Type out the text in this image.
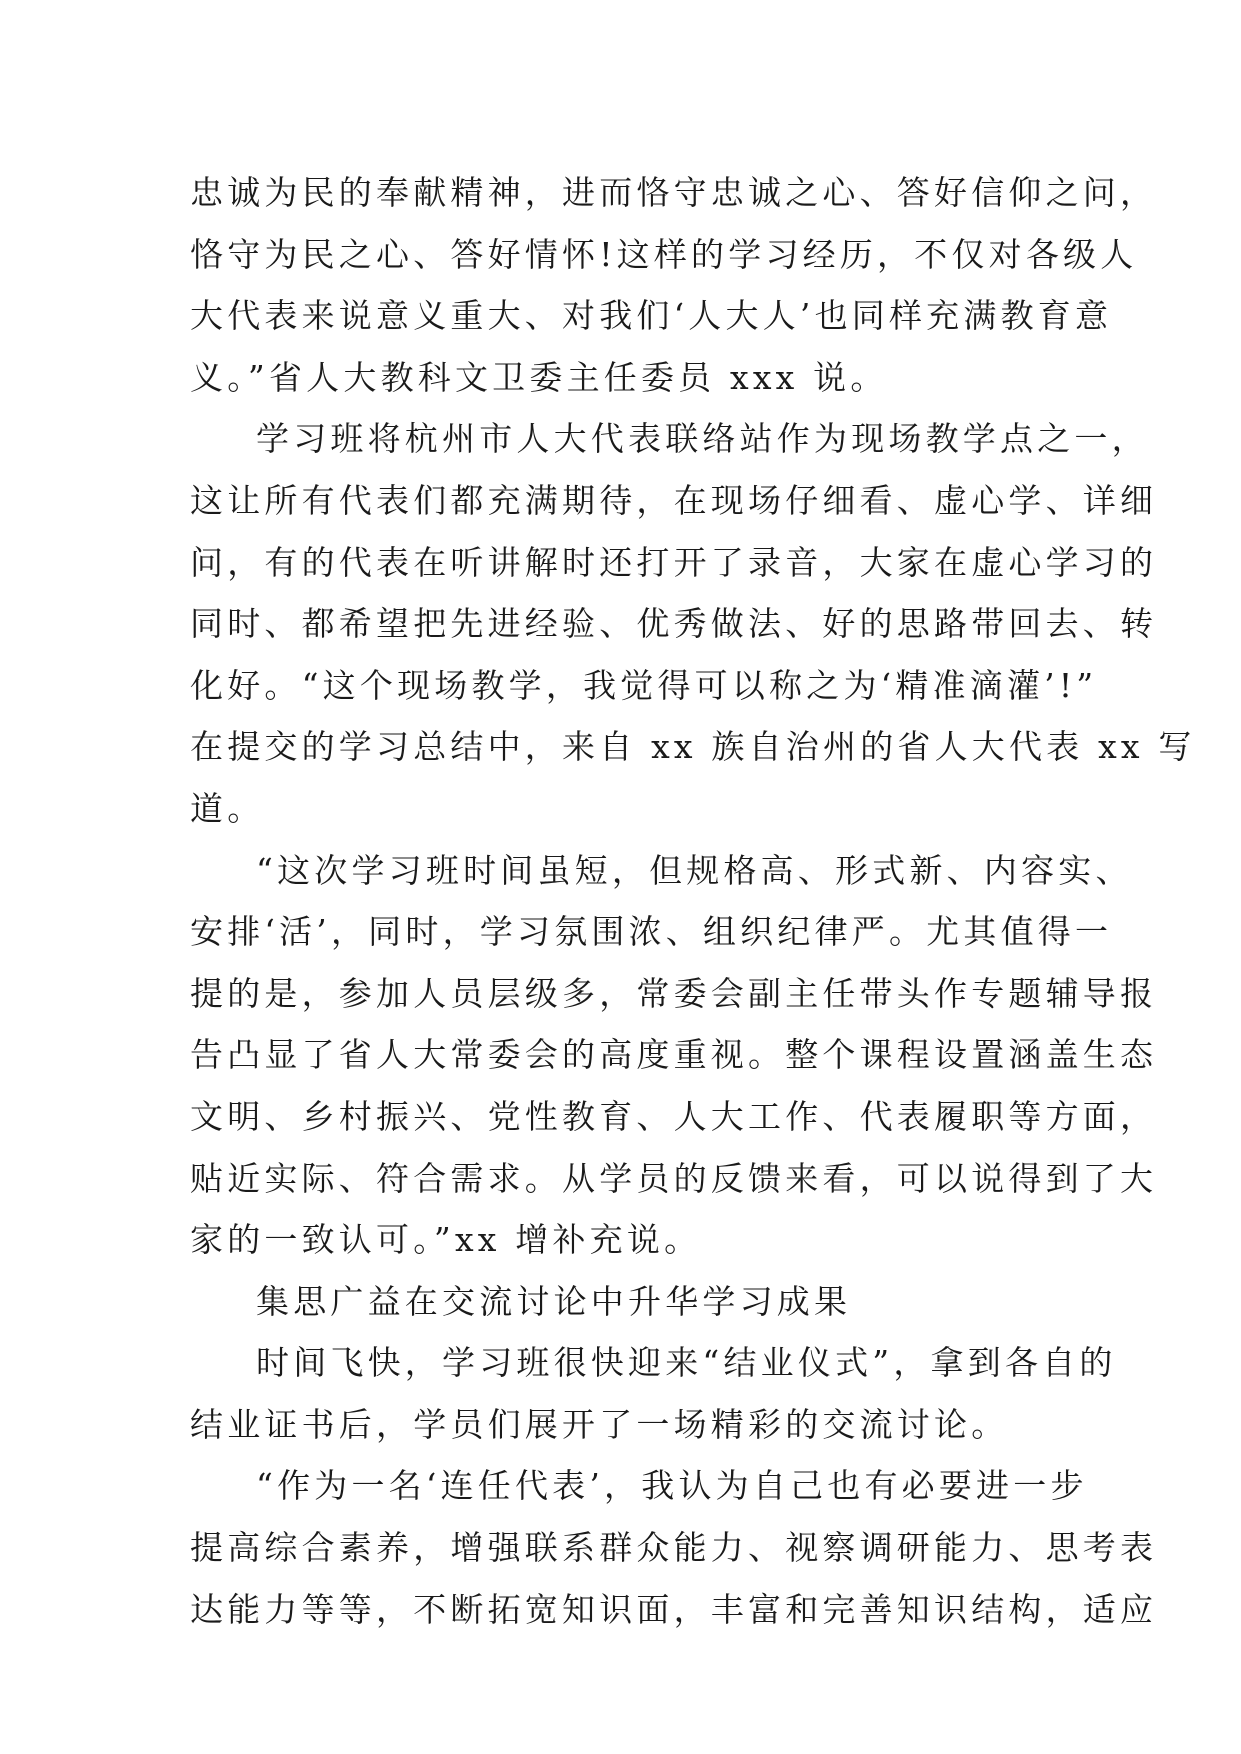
忠诚为民的奉献精神，进而恪守忠诚之心、答好信仰之问，
恪守为民之心、答好情怀!这样的学习经历，不仅对各级人
大代表来说意义重大、对我们‘人大人’也同样充满教育意
义。”省人大教科文卫委主任委员 xxx 说。
学习班将杭州市人大代表联络站作为现场教学点之一，
这让所有代表们都充满期待，在现场仔细看、虚心学、详细
问，有的代表在听讲解时还打开了录音，大家在虚心学习的
同时、都希望把先进经验、优秀做法、好的思路带回去、转
化好。“这个现场教学，我觉得可以称之为‘精准滴灌’!”
在提交的学习总结中，来自 xx 族自治州的省人大代表 xx 写
道。
“这次学习班时间虽短，但规格高、形式新、内容实、
安排‘活’，同时，学习氛围浓、组织纪律严。尤其值得一
提的是，参加人员层级多，常委会副主任带头作专题辅导报
告凸显了省人大常委会的高度重视。整个课程设置涵盖生态
文明、乡村振兴、党性教育、人大工作、代表履职等方面，
贴近实际、符合需求。从学员的反馈来看，可以说得到了大
家的一致认可。”xx 增补充说。
集思广益在交流讨论中升华学习成果
时间飞快，学习班很快迎来“结业仪式”，拿到各自的
结业证书后，学员们展开了一场精彩的交流讨论。
“作为一名‘连任代表’，我认为自己也有必要进一步
提高综合素养，增强联系群众能力、视察调研能力、思考表
达能力等等，不断拓宽知识面，丰富和完善知识结构，适应
